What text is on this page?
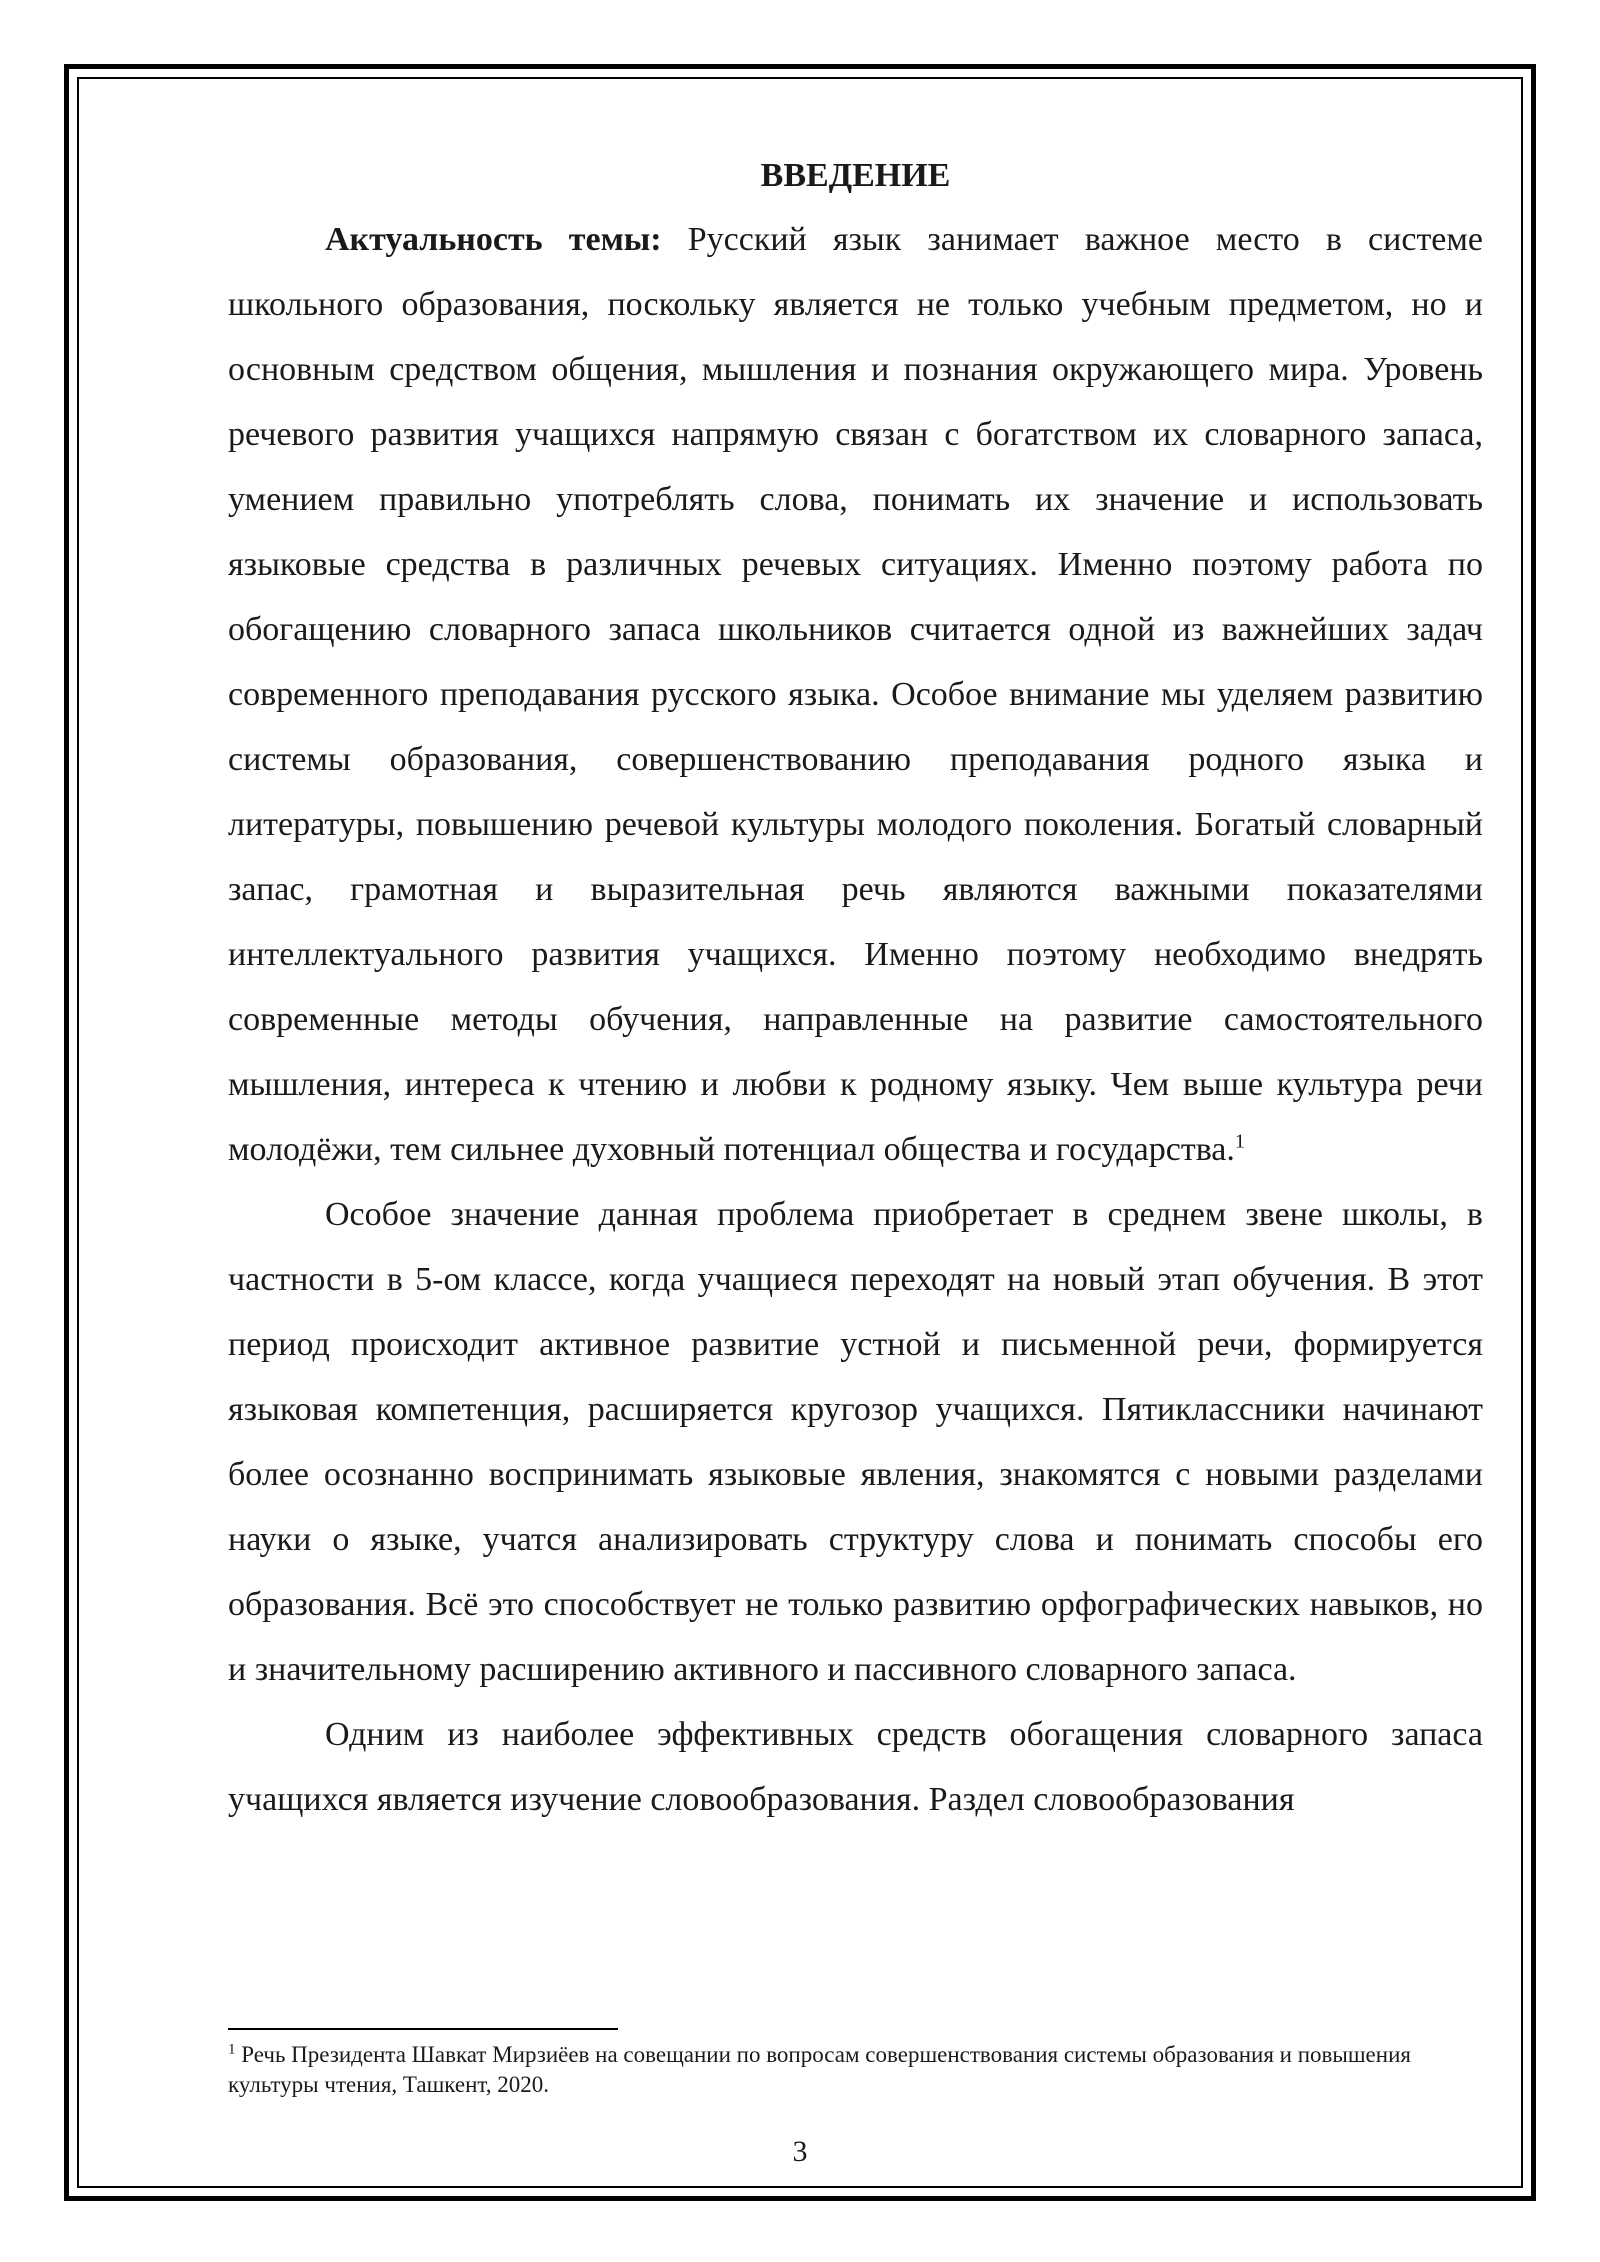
ВВЕДЕНИЕ

Актуальность темы: Русский язык занимает важное место в системе школьного образования, поскольку является не только учебным предметом, но и основным средством общения, мышления и познания окружающего мира. Уровень речевого развития учащихся напрямую связан с богатством их словарного запаса, умением правильно употреблять слова, понимать их значение и использовать языковые средства в различных речевых ситуациях. Именно поэтому работа по обогащению словарного запаса школьников считается одной из важнейших задач современного преподавания русского языка. Особое внимание мы уделяем развитию системы образования, совершенствованию преподавания родного языка и литературы, повышению речевой культуры молодого поколения. Богатый словарный запас, грамотная и выразительная речь являются важными показателями интеллектуального развития учащихся. Именно поэтому необходимо внедрять современные методы обучения, направленные на развитие самостоятельного мышления, интереса к чтению и любви к родному языку. Чем выше культура речи молодёжи, тем сильнее духовный потенциал общества и государства.$^1$

Особое значение данная проблема приобретает в среднем звене школы, в частности в 5-ом классе, когда учащиеся переходят на новый этап обучения. В этот период происходит активное развитие устной и письменной речи, формируется языковая компетенция, расширяется кругозор учащихся. Пятиклассники начинают более осознанно воспринимать языковые явления, знакомятся с новыми разделами науки о языке, учатся анализировать структуру слова и понимать способы его образования. Всё это способствует не только развитию орфографических навыков, но и значительному расширению активного и пассивного словарного запаса.

Одним из наиболее эффективных средств обогащения словарного запаса учащихся является изучение словообразования. Раздел словообразования

$^1$ Речь Президента Шавкат Мирзиёев на совещании по вопросам совершенствования системы образования и повышения культуры чтения, Ташкент, 2020.

3
